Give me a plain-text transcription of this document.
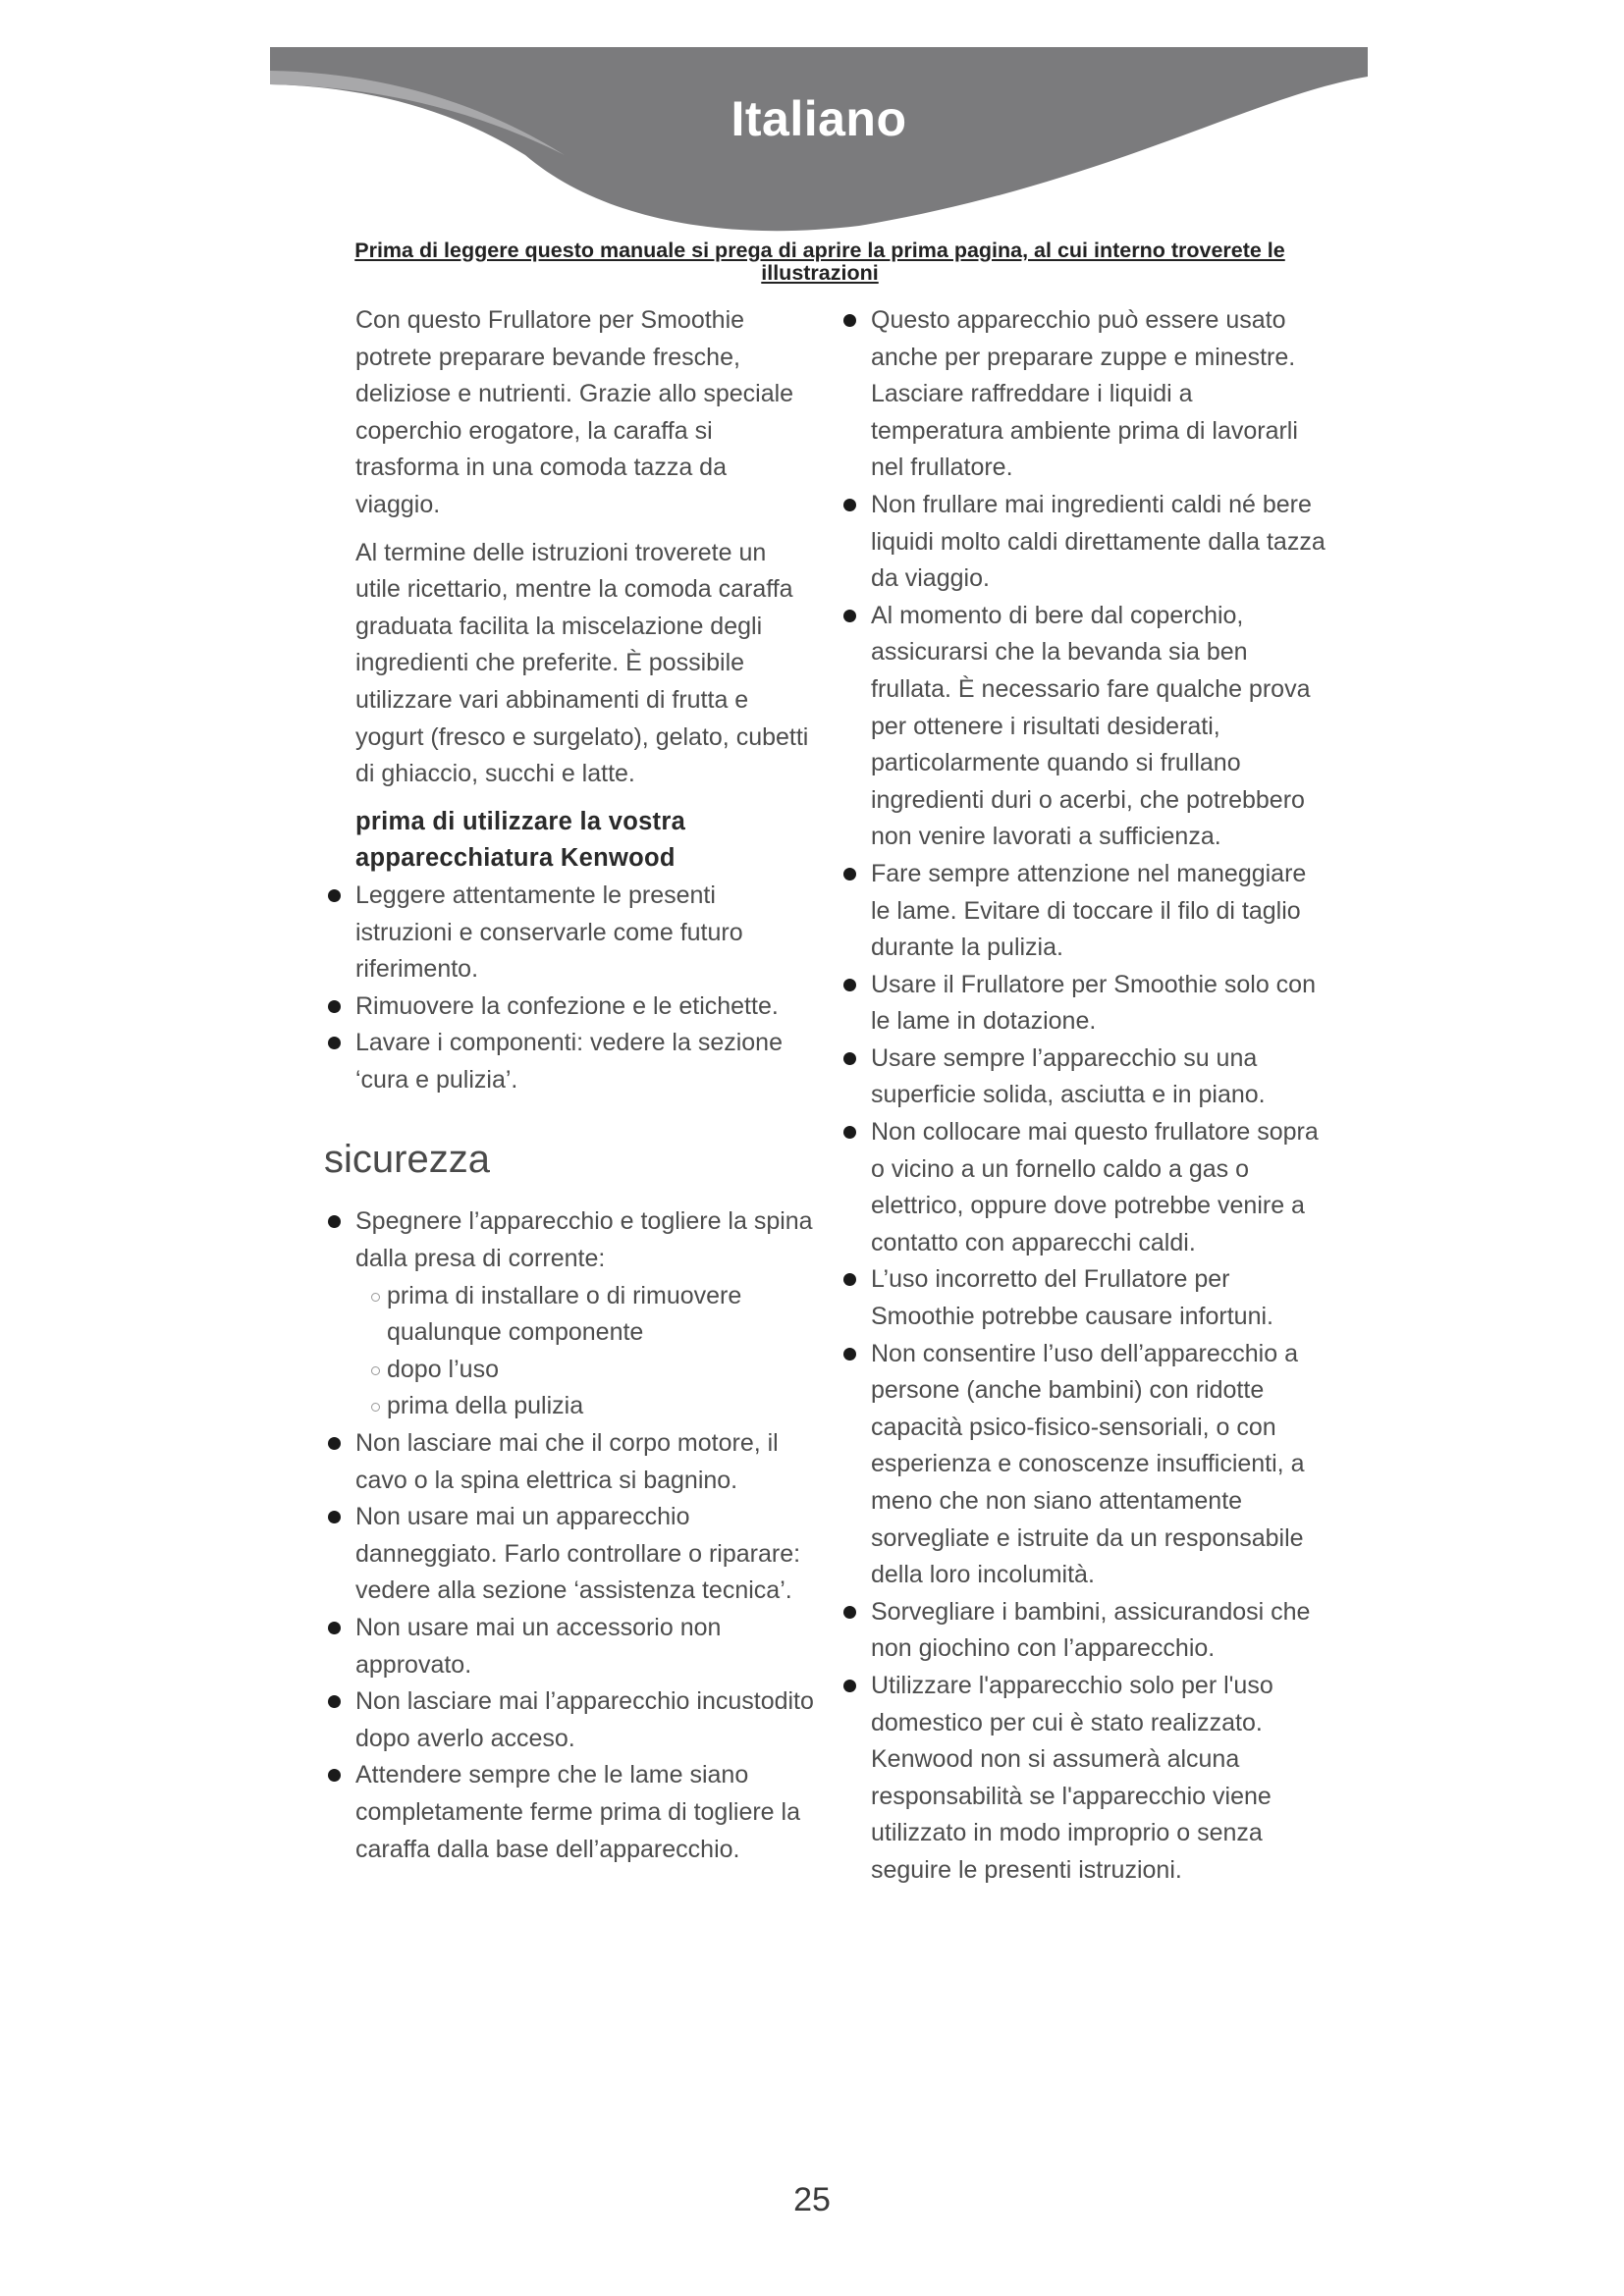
Italiano
Prima di leggere questo manuale si prega di aprire la prima pagina, al cui interno troverete le illustrazioni

Con questo Frullatore per Smoothie potrete preparare bevande fresche, deliziose e nutrienti. Grazie allo speciale coperchio erogatore, la caraffa si trasforma in una comoda tazza da viaggio.

Al termine delle istruzioni troverete un utile ricettario, mentre la comoda caraffa graduata facilita la miscelazione degli ingredienti che preferite. È possibile utilizzare vari abbinamenti di frutta e yogurt (fresco e surgelato), gelato, cubetti di ghiaccio, succhi e latte.

prima di utilizzare la vostra apparecchiatura Kenwood
Leggere attentamente le presenti istruzioni e conservarle come futuro riferimento.
Rimuovere la confezione e le etichette.
Lavare i componenti: vedere la sezione ‘cura e pulizia’.
sicurezza
Spegnere l’apparecchio e togliere la spina dalla presa di corrente:
prima di installare o di rimuovere qualunque componente
dopo l’uso
prima della pulizia
Non lasciare mai che il corpo motore, il cavo o la spina elettrica si bagnino.
Non usare mai un apparecchio danneggiato. Farlo controllare o riparare: vedere alla sezione ‘assistenza tecnica’.
Non usare mai un accessorio non approvato.
Non lasciare mai l’apparecchio incustodito dopo averlo acceso.
Attendere sempre che le lame siano completamente ferme prima di togliere la caraffa dalla base dell’apparecchio.
Questo apparecchio può essere usato anche per preparare zuppe e minestre. Lasciare raffreddare i liquidi a temperatura ambiente prima di lavorarli nel frullatore.
Non frullare mai ingredienti caldi né bere liquidi molto caldi direttamente dalla tazza da viaggio.
Al momento di bere dal coperchio, assicurarsi che la bevanda sia ben frullata. È necessario fare qualche prova per ottenere i risultati desiderati, particolarmente quando si frullano ingredienti duri o acerbi, che potrebbero non venire lavorati a sufficienza.
Fare sempre attenzione nel maneggiare le lame. Evitare di toccare il filo di taglio durante la pulizia.
Usare il Frullatore per Smoothie solo con le lame in dotazione.
Usare sempre l’apparecchio su una superficie solida, asciutta e in piano.
Non collocare mai questo frullatore sopra o vicino a un fornello caldo a gas o elettrico, oppure dove potrebbe venire a contatto con apparecchi caldi.
L’uso incorretto del Frullatore per Smoothie potrebbe causare infortuni.
Non consentire l’uso dell’apparecchio a persone (anche bambini) con ridotte capacità psico-fisico-sensoriali, o con esperienza e conoscenze insufficienti, a meno che non siano attentamente sorvegliate e istruite da un responsabile della loro incolumità.
Sorvegliare i bambini, assicurandosi che non giochino con l’apparecchio.
Utilizzare l'apparecchio solo per l'uso domestico per cui è stato realizzato. Kenwood non si assumerà alcuna responsabilità se l'apparecchio viene utilizzato in modo improprio o senza seguire le presenti istruzioni.
25
